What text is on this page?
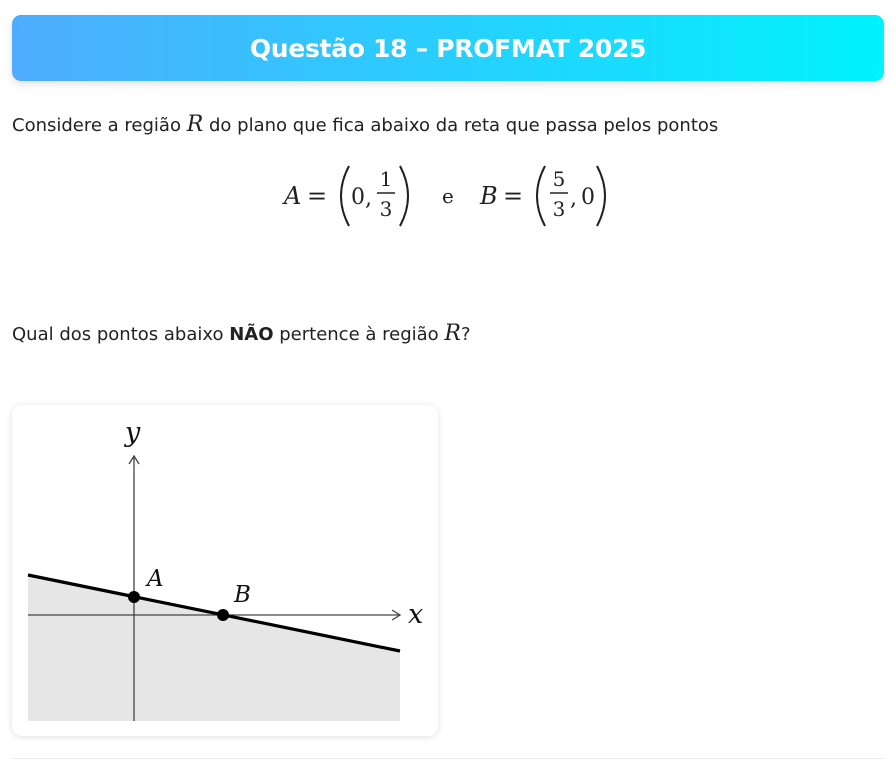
Questão 18 – PROFMAT 2025
Considere a região R do plano que fica abaixo da reta que passa pelos pontos
A = 0 ,
1
3
e B =
5
3 , 0
Qual dos pontos abaixo NÃO pertence à região R?
y
x
A
B
